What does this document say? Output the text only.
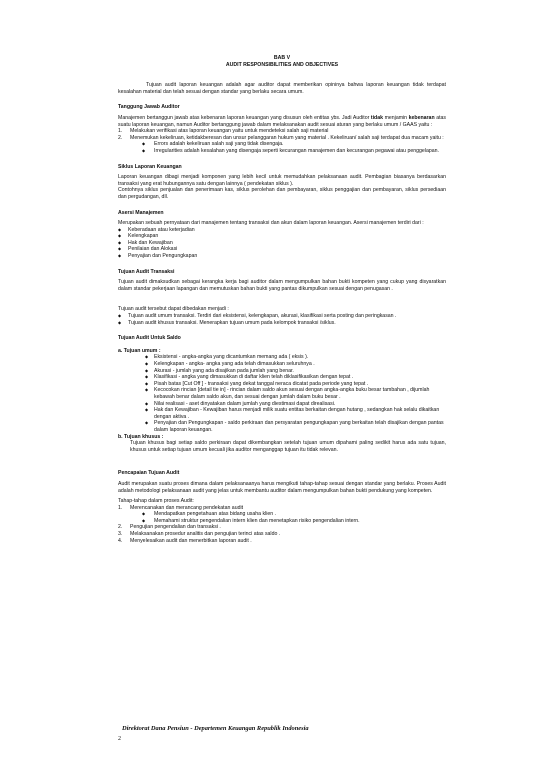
BAB V
AUDIT RESPONSIBILITIES AND OBJECTIVES

Tujuan audit laporan keuangan adalah agar auditor dapat memberikan opininya bahwa laporan keuangan tidak terdapat kesalahan material dan telah sesuai dengan standar yang berlaku secara umum.

Tanggung Jawab Auditor

Manajemen bertanggun jawab atas kebenaran laporan keuangan yang disusun oleh entitas ybs. Jadi Auditor tidak menjamin kebenaran atas suatu laporan keuangan, namun Auditor bertanggung jawab dalam melaksanakan audit sesuai aturan yang berlaku umum / GAAS yaitu :

1. Melakukan verifikasi atas laporan keuangan yaitu untuk mendeteksi salah saji material
2. Menemukan kekeliruan, ketidakberesan dan unsur pelanggaran hukum yang material . Kekeliruan/ salah saji terdapat dua macam yaitu :
◆ Errors adalah kekeliruan salah saji yang tidak disengaja.
◆ Irregularities adalah kesalahan yang disengaja seperti kecurangan manajemen dan kecurangan pegawai atau penggelapan.
Siklus Laporan Keuangan

Laporan keuangan dibagi menjadi komponen yang lebih kecil untuk memudahkan pelaksanaan audit. Pembagian biasanya berdasarkan transaksi yang erat hubungannya satu dengan lainnya ( pendekatan siklus ).

Contohnya siklus penjualan dan penerimaan kas, siklus perolehan dan pembayaran, siklus penggajian dan pembayaran, siklus persediaan dan pergudangan, dll.

Asersi Manajemen

Merupakan sebuah pernyataan dari manajemen tentang transaksi dan akun dalam laporan keuangan. Asersi manajemen terdiri dari :

◆ Keberadaan atau keterjadian
◆ Kelengkapan
◆ Hak dan Kewajiban
◆ Penilaian dan Alokasi
◆ Penyajian dan Pengungkapan
Tujuan Audit Transaksi

Tujuan audit dimaksudkan sebagai kerangka kerja bagi auditor dalam mengumpulkan bahan bukti kompeten yang cukup yang disyaratkan dalam standar pekerjaan lapangan dan memutuskan bahan bukti yang pantas dikumpulkan sesuai dengan penugasan .

Tujuan audit tersebut dapat dibedakan menjadi :

◆ Tujuan audit umum transaksi. Terdiri dari eksistensi, kelengkapan, akurasi, klasifikasi serta posting dan peringkasan .
◆ Tujuan audit khusus transaksi. Menerapkan tujuan umum pada kelompok transaksi /siklus.
Tujuan Audit Untuk Saldo
a. Tujuan umum :
◆ Eksistensi - angka-angka yang dicantumkan memang ada ( eksis ).
◆ Kelengkapan - angka- angka yang ada telah dimasukkan seluruhnya .
◆ Akurasi - jumlah yang ada disajikan pada jumlah yang benar.
◆ Klasifikasi - angka yang dimasukkan di daftar klien telah diklasifikasikan dengan tepat .
◆ Pisah batas [Cut Off ] - transaksi yang dekat tanggal neraca dicatat pada periode yang tepat .
◆ Kecocokan rincian [detail tie in] - rincian dalam saldo akun sesuai dengan angka-angka buku besar tambahan , dijumlah kebawah benar dalam saldo akun, dan sesuai dengan jumlah dalam buku besar .
◆ Nilai realisasi - aset dinyatakan dalam jumlah yang diestimasi dapat direalisasi.
◆ Hak dan Kewajiban - Kewajiban harus menjadi milik suatu entitas berkaitan dengan hutang , sedangkan hak selalu dikaitkan dengan aktiva .
◆ Penyajian dan Pengungkapan - saldo perkiraan dan persyaratan pengungkapan yang berkaitan telah disajikan dengan pantas dalam laporan keuangan.
b. Tujuan khusus :

Tujuan khusus bagi setiap saldo perkiraan dapat dikembangkan setelah tujuan umum dipahami paling sedikit harus ada satu tujuan, khusus untuk setiap tujuan umum kecuali jika auditor menganggap tujuan itu tidak relevan.

Pencapaian Tujuan Audit

Audit merupakan suatu proses dimana dalam pelaksanaanya harus mengikuti tahap-tahap sesuai dengan standar yang berlaku. Proses Audit adalah metodologi pelaksanaan audit yang jelas untuk membantu auditor dalam mengumpulkan bahan bukti pendukung yang kompeten.

Tahap-tahap dalam proses Audit:

1. Merencanakan dan merancang pendekatan audit
◆ Mendapatkan pengetahuan atas bidang usaha klien .
◆ Memahami struktur pengendalian intern klien dan menetapkan risiko pengendalian intern.
2. Pengujian pengendalian dan transaksi .
3. Melaksanakan prosedur analitis dan pengujian terinci atas saldo .
4. Menyelesaikan audit dan menerbitkan laporan audit .
Direktorat Dana Pensiun - Departemen Keuangan Republik Indonesia
2
